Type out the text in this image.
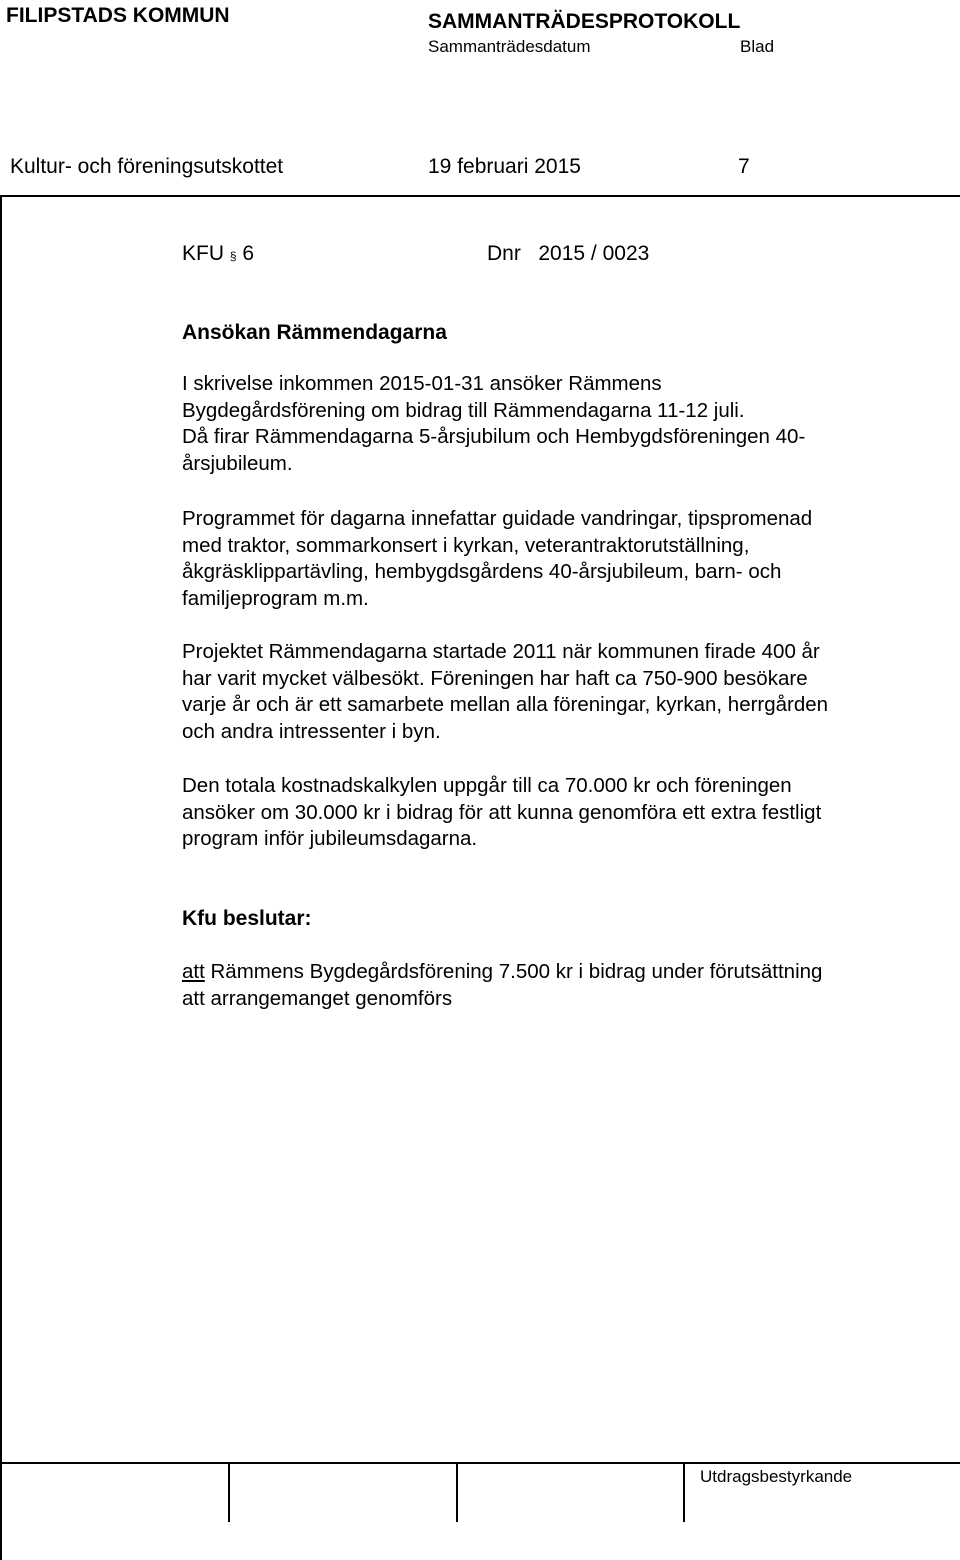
FILIPSTADS KOMMUN	SAMMANTRÄDESPROTOKOLL
Sammanträdesdatum	Blad
Kultur- och föreningsutskottet	19 februari 2015	7
KFU § 6	Dnr 2015 / 0023
Ansökan Rämmendagarna
I skrivelse inkommen 2015-01-31 ansöker Rämmens
Bygdegårdsförening om bidrag till Rämmendagarna 11-12 juli.
Då firar Rämmendagarna 5-årsjubilum och Hembygdsföreningen 40-
årsjubileum.
Programmet för dagarna innefattar guidade vandringar, tipspromenad
med traktor, sommarkonsert i kyrkan, veterantraktorutställning,
åkgräsklippartävling, hembygdsgårdens 40-årsjubileum, barn- och
familjeprogram m.m.
Projektet Rämmendagarna startade 2011 när kommunen firade 400 år
har varit mycket välbesökt. Föreningen har haft ca 750-900 besökare
varje år och är ett samarbete mellan alla föreningar, kyrkan, herrgården
och andra intressenter i byn.
Den totala kostnadskalkylen uppgår till ca 70.000 kr och föreningen
ansöker om 30.000 kr i bidrag för att kunna genomföra ett extra festligt
program inför jubileumsdagarna.
Kfu beslutar:
att Rämmens Bygdegårdsförening 7.500 kr i bidrag under förutsättning
att arrangemanget genomförs
Utdragsbestyrkande
